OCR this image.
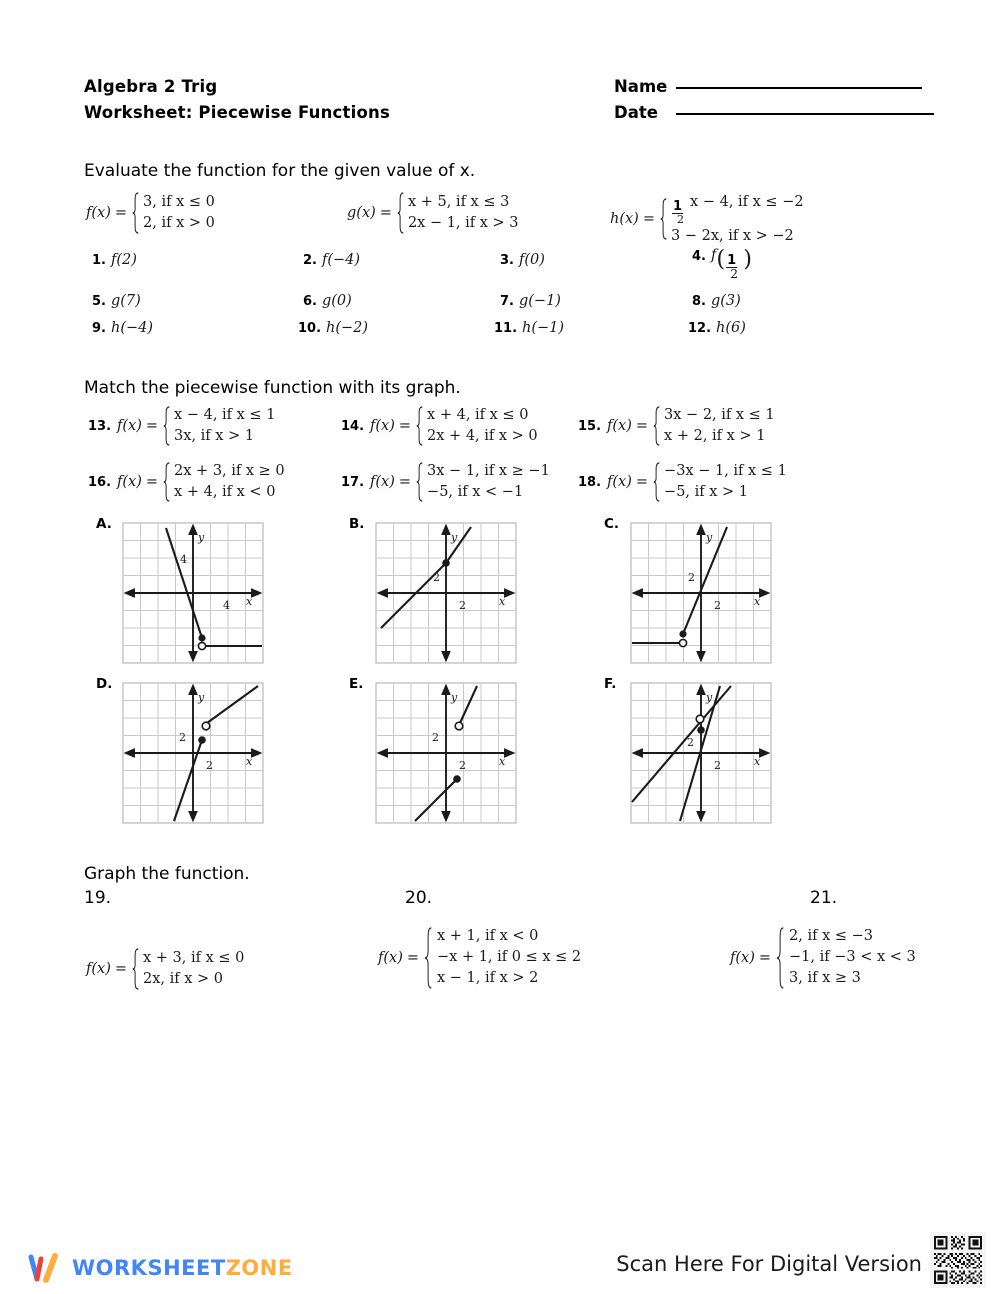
Algebra 2 Trig
Worksheet: Piecewise Functions
Name
Date
Evaluate the function for the given value of x.
f(x) =
3, if x ≤ 0
2, if x > 0
g(x) =
x + 5, if x ≤ 3
2x − 1, if x > 3	$h(x) = \frac{1}{2}$ x − 4, if x ≤ −2
3 − 2x, if x > −2
1. f(2)	2. f(−4)	3. f(0)	4. $f( \frac{1}{2}$ )
5. g(7)	6. g(0)	7. g(−1)	8. g(3)
9. h(−4)	10. h(−2)	11. h(−1)	12. h(6)
Match the piecewise function with its graph.
13. f(x) =
x − 4, if x ≤ 1
3x, if x > 1
14. f(x) =
x + 4, if x ≤ 0
2x + 4, if x > 0
15. f(x) =
3x − 2, if x ≤ 1
x + 2, if x > 1
16. f(x) =
2x + 3, if x ≥ 0
x + 4, if x < 0
17. f(x) =
3x − 1, if x ≥ −1
−5, if x < −1
18. f(x) =
−3x − 1, if x ≤ 1
−5, if x > 1
A.
4
4
y
x
B.
2
2
y
x
C.
2
2
y
x
D.
2
2
y
x
E.
2
2
y
x
F.
2
2
y
x
Graph the function.
19.	20.	21.
f(x) =
x + 3, if x ≤ 0
2x, if x > 0
f(x) =
x + 1, if x < 0
−x + 1, if 0 ≤ x ≤ 2
x − 1, if x > 2
f(x) =
2, if x ≤ −3
−1, if −3 < x < 3
3, if x ≥ 3
WORKSHEETZONE	Scan Here For Digital Version
